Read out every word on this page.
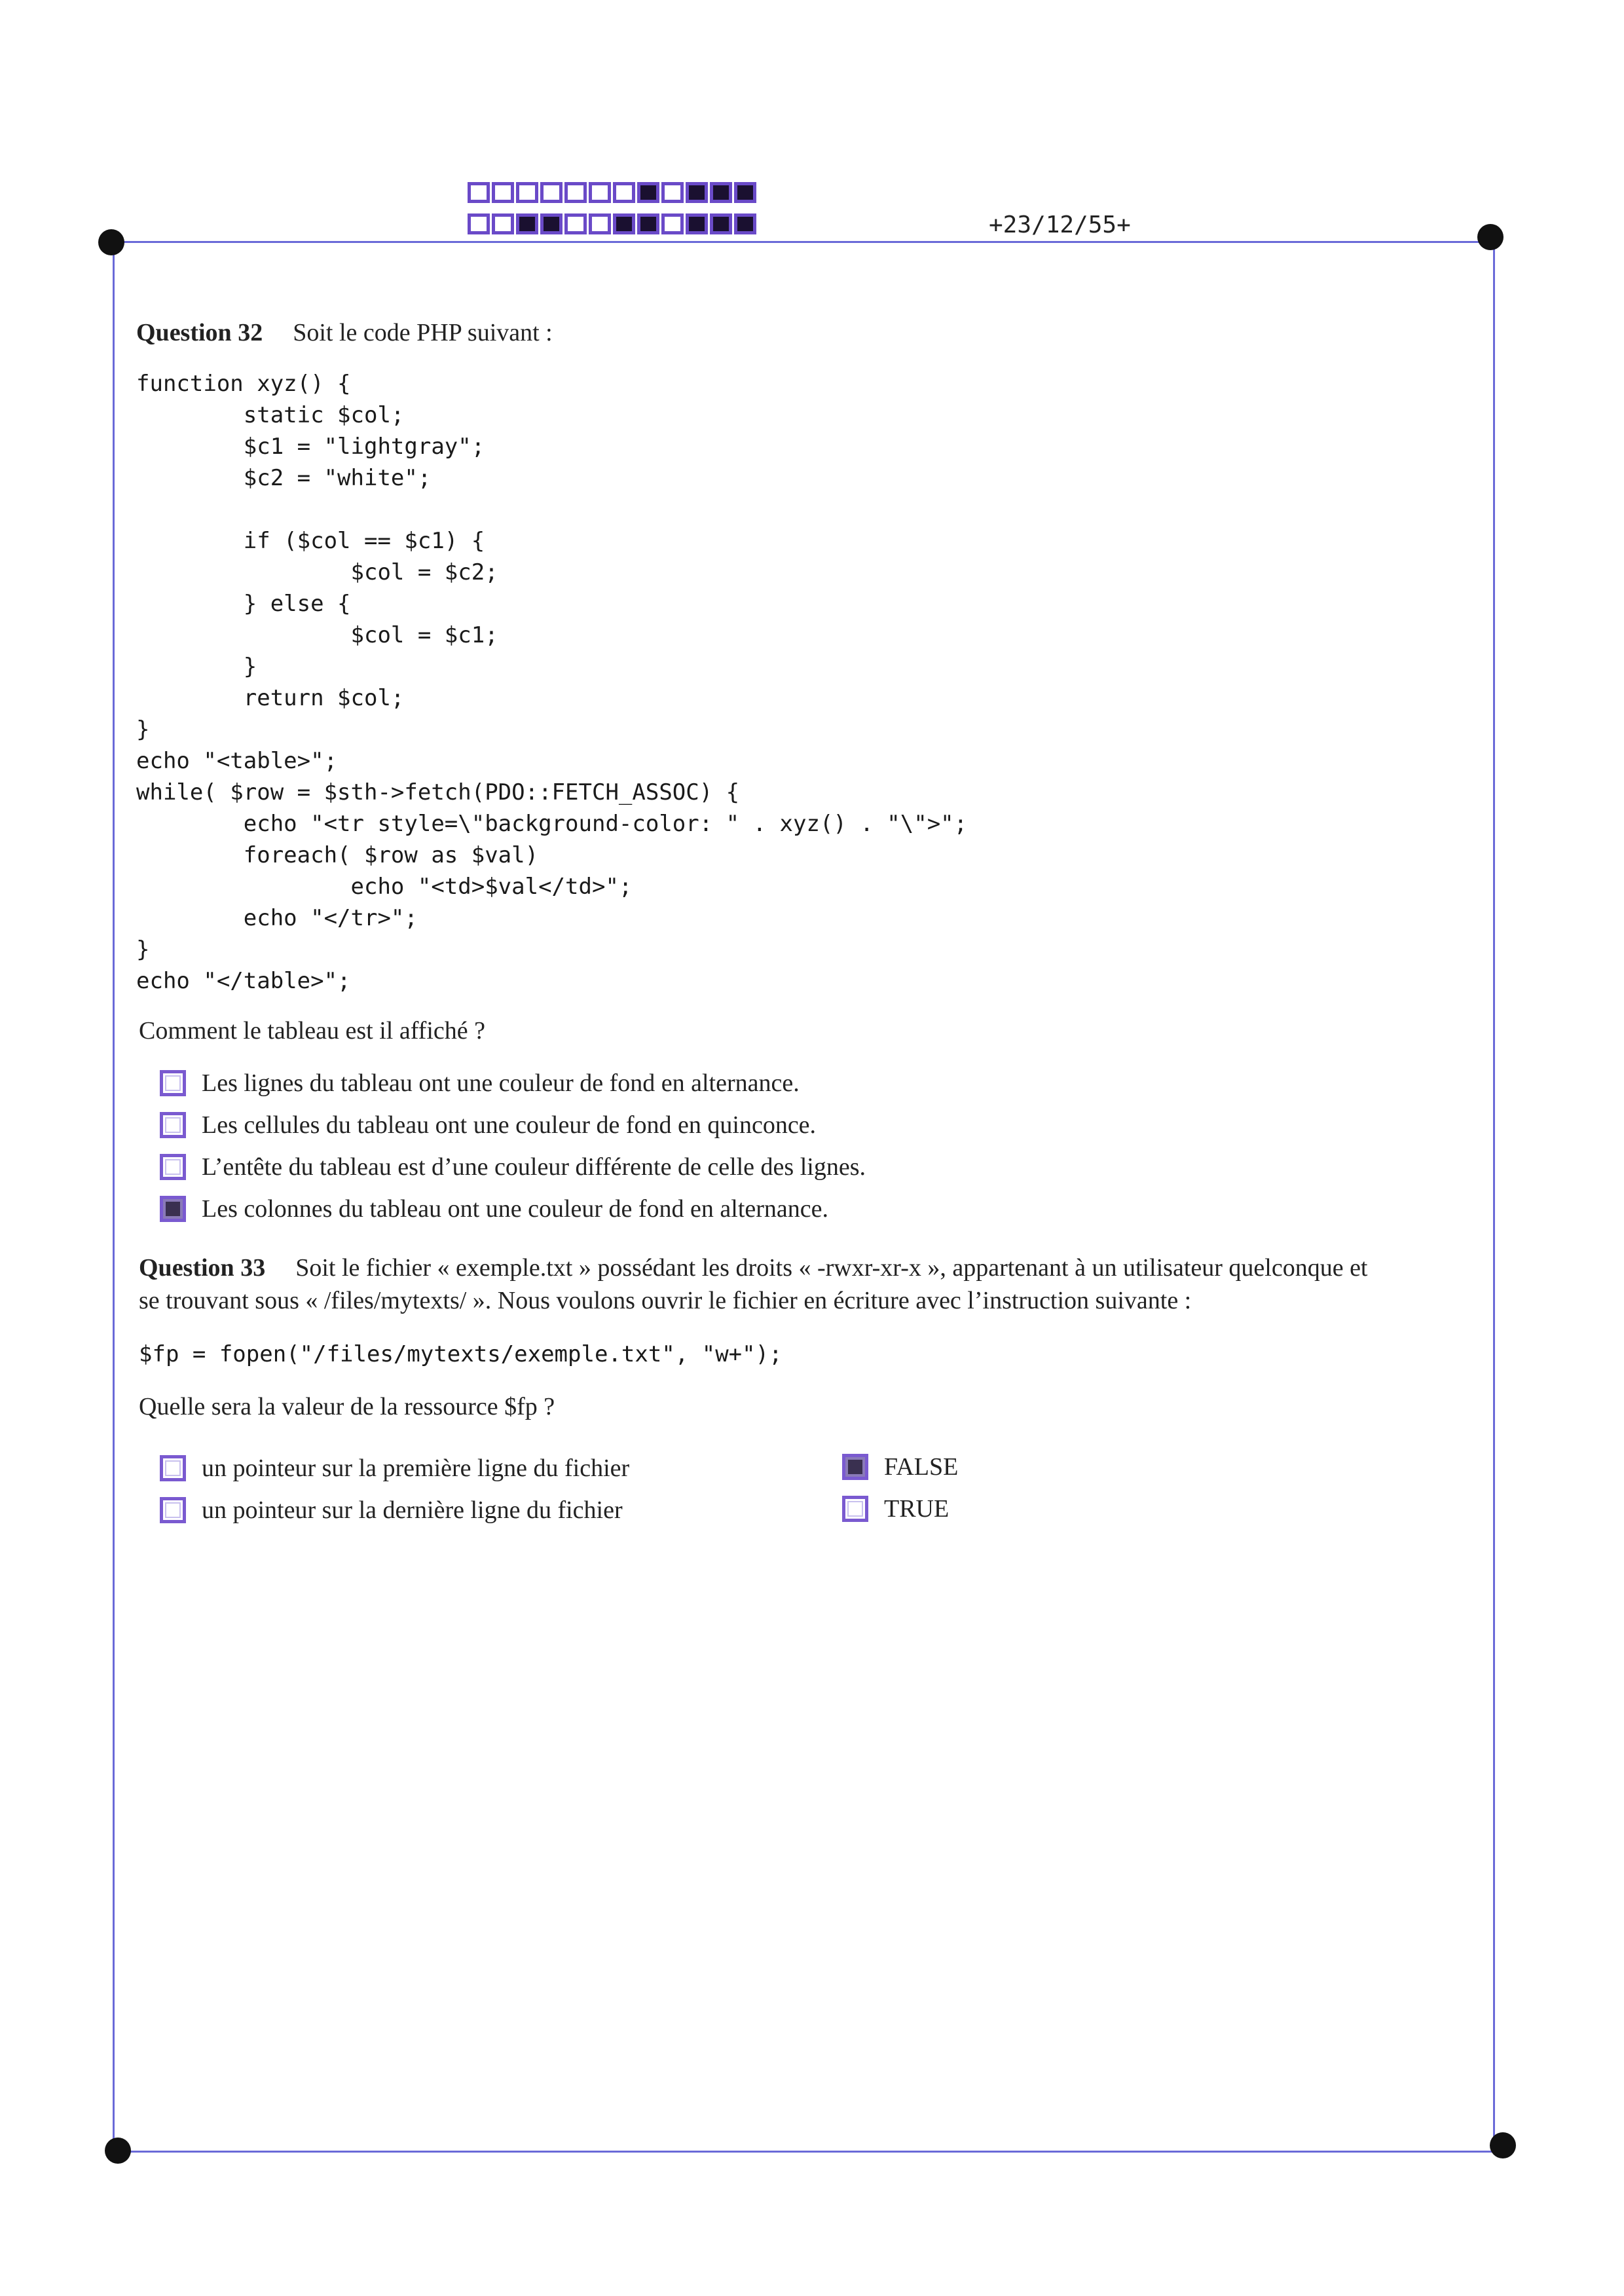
+23/12/55+
Question 32 Soit le code PHP suivant :
function xyz() {
static $col;
$c1 = "lightgray";
$c2 = "white";

if ($col == $c1) {
$col = $c2;
} else {
$col = $c1;
}
return $col;
}
echo "<table>";
while( $row = $sth->fetch(PDO::FETCH_ASSOC) {
echo "<tr style=\"background-color: " . xyz() . "\">";
foreach( $row as $val)
echo "<td>$val</td>";
echo "</tr>";
}
echo "</table>";
Comment le tableau est il affiché ?
Les lignes du tableau ont une couleur de fond en alternance.
Les cellules du tableau ont une couleur de fond en quinconce.
L’entête du tableau est d’une couleur différente de celle des lignes.
Les colonnes du tableau ont une couleur de fond en alternance.
Question 33 Soit le fichier « exemple.txt » possédant les droits « -rwxr-xr-x », appartenant à un utilisateur quelconque et
se trouvant sous « /files/mytexts/ ». Nous voulons ouvrir le fichier en écriture avec l’instruction suivante :
$fp = fopen("/files/mytexts/exemple.txt", "w+");
Quelle sera la valeur de la ressource $fp ?
un pointeur sur la première ligne du fichier
un pointeur sur la dernière ligne du fichier
FALSE
TRUE
